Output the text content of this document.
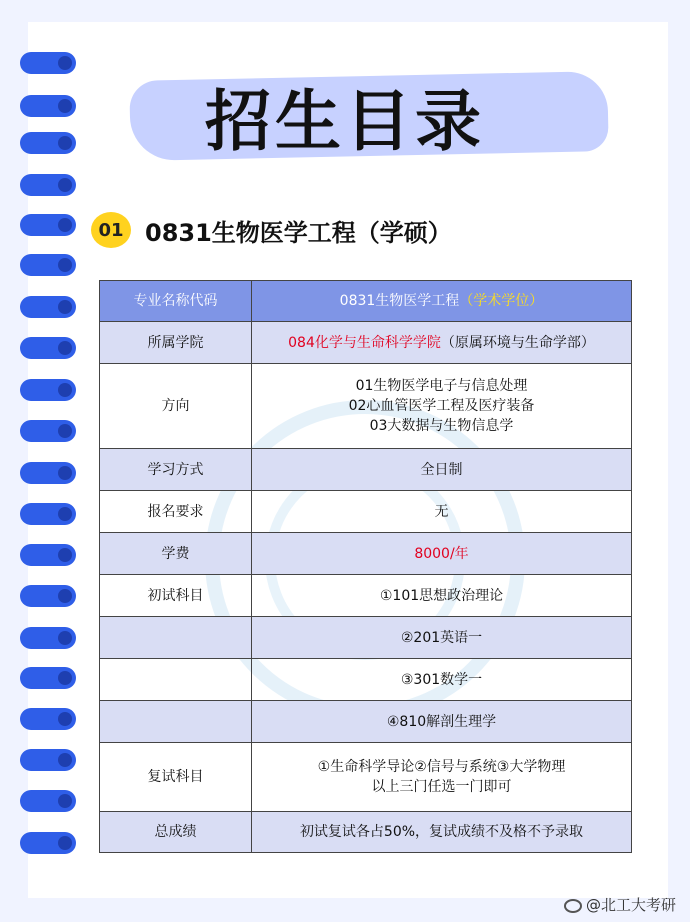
招生目录
01 0831生物医学工程（学硕）
专业名称代码	0831生物医学工程（学术学位）
所属学院	084化学与生命科学学院（原属环境与生命学部）
方向	01生物医学电子与信息处理
02心血管医学工程及医疗装备
03大数据与生物信息学

学习方式	全日制
报名要求	无
学费	8000/年
初试科目	①101思想政治理论
	②201英语一
	③301数学一
	④810解剖生理学
复试科目	①生命科学导论②信号与系统③大学物理
以上三门任选一门即可

总成绩	初试复试各占50%，复试成绩不及格不予录取
@北工大考研
